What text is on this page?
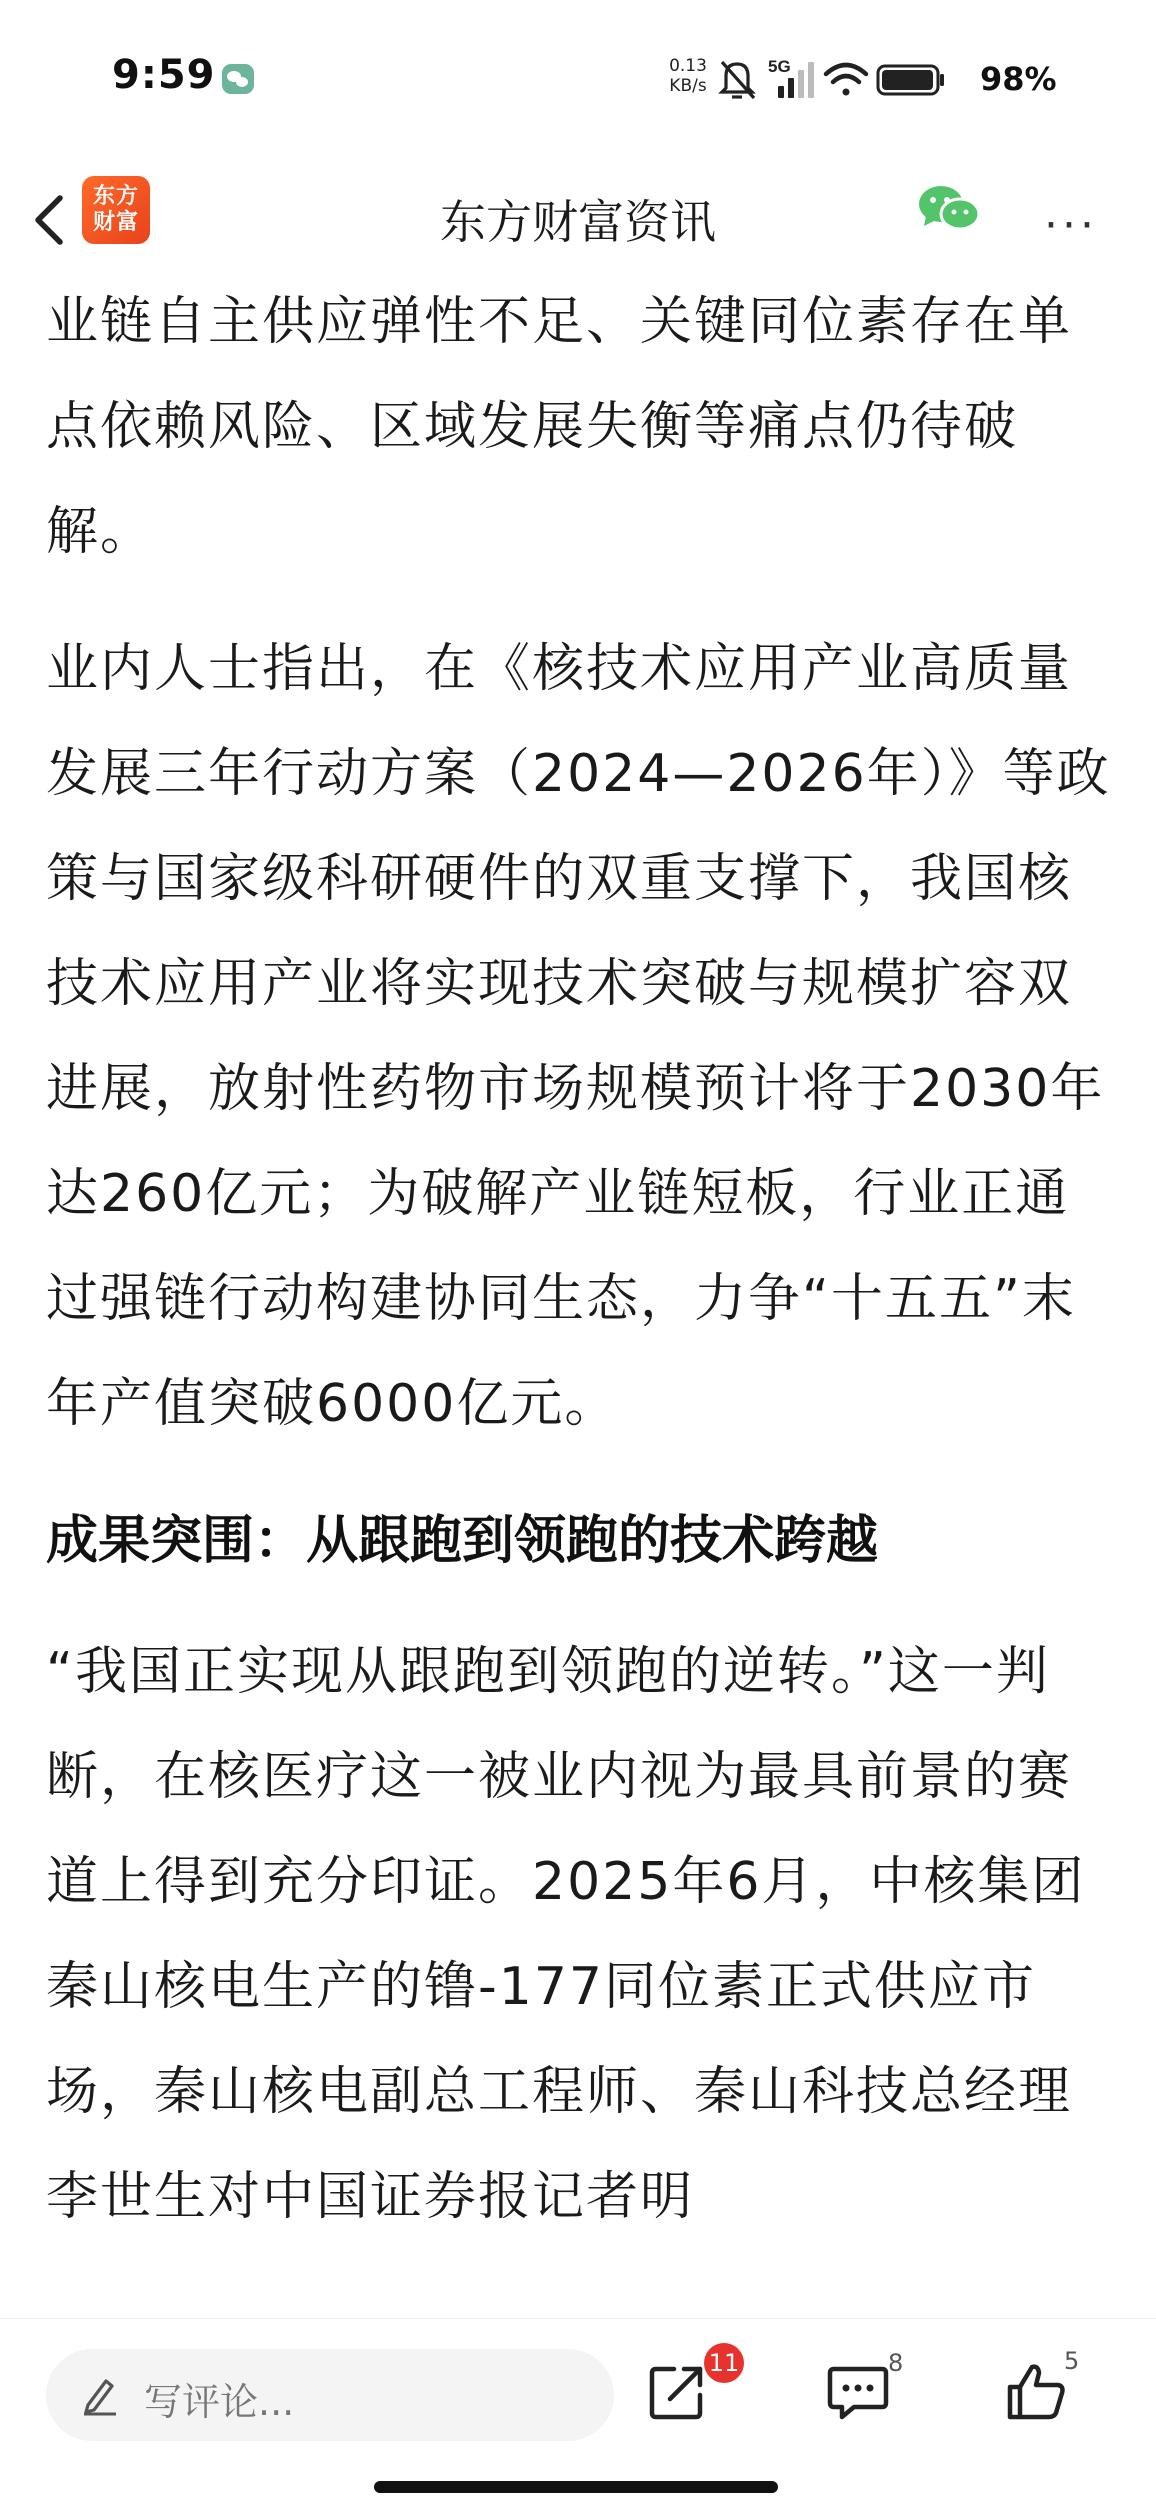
9:59	0.13
KB/s
5G	98%
东方
财富	东方财富资讯	···

业链自主供应弹性不足、关键同位素存在单点依赖风险、区域发展失衡等痛点仍待破解。

业内人士指出，在《核技术应用产业高质量发展三年行动方案（2024—2026年）》等政策与国家级科研硬件的双重支撑下，我国核技术应用产业将实现技术突破与规模扩容双进展，放射性药物市场规模预计将于2030年达260亿元；为破解产业链短板，行业正通过强链行动构建协同生态，力争“十五五”末年产值突破6000亿元。

成果突围：从跟跑到领跑的技术跨越

“我国正实现从跟跑到领跑的逆转。”这一判断，在核医疗这一被业内视为最具前景的赛道上得到充分印证。2025年6月，中核集团秦山核电生产的镥-177同位素正式供应市场，秦山核电副总工程师、秦山科技总经理李世生对中国证券报记者明

写评论...
11	8	5
